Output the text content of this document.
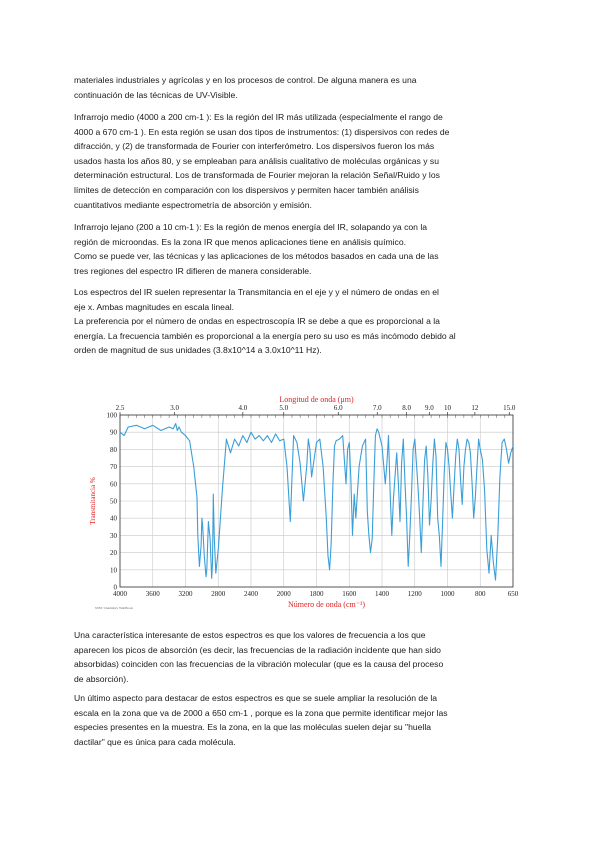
materiales industriales y agrícolas y en los procesos de control. De alguna manera es una
continuación de las técnicas de UV-Visible.

Infrarrojo medio (4000 a 200 cm-1 ): Es la región del IR más utilizada (especialmente el rango de
4000 a 670 cm-1 ). En esta región se usan dos tipos de instrumentos: (1) dispersivos con redes de
difracción, y (2) de transformada de Fourier con interferómetro. Los dispersivos fueron los más
usados hasta los años 80, y se empleaban para análisis cualitativo de moléculas orgánicas y su
determinación estructural. Los de transformada de Fourier mejoran la relación Señal/Ruido y los
límites de detección en comparación con los dispersivos y permiten hacer también análisis
cuantitativos mediante espectrometría de absorción y emisión.

Infrarrojo lejano (200 a 10 cm-1 ): Es la región de menos energía del IR, solapando ya con la
región de microondas. Es la zona IR que menos aplicaciones tiene en análisis químico.
Como se puede ver, las técnicas y las aplicaciones de los métodos basados en cada una de las
tres regiones del espectro IR difieren de manera considerable.

Los espectros del IR suelen representar la Transmitancia en el eje y y el número de ondas en el
eje x. Ambas magnitudes en escala lineal.
La preferencia por el número de ondas en espectroscopía IR se debe a que es proporcional a la
energía. La frecuencia también es proporcional a la energía pero su uso es más incómodo debido al
orden de magnitud de sus unidades (3.8x10^14 a 3.0x10^11 Hz).

4000	3600	3200	2800	2400	2000	1800	1600	1400	1200	1000	800	650
0
10
20
30
40
50
60
70
80
90
100
2.5	3.0	4.0	5.0	6.0	7.0	8.0 9.0 10	12	15.0
Longitud de onda (μm)
Número de onda (cm⁻¹)
Transmitancia %
NIST Chemistry WebBook

Una característica interesante de estos espectros es que los valores de frecuencia a los que
aparecen los picos de absorción (es decir, las frecuencias de la radiación incidente que han sido
absorbidas) coinciden con las frecuencias de la vibración molecular (que es la causa del proceso
de absorción).

Un último aspecto para destacar de estos espectros es que se suele ampliar la resolución de la
escala en la zona que va de 2000 a 650 cm-1 , porque es la zona que permite identificar mejor las
especies presentes en la muestra. Es la zona, en la que las moléculas suelen dejar su "huella
dactilar" que es única para cada molécula.
